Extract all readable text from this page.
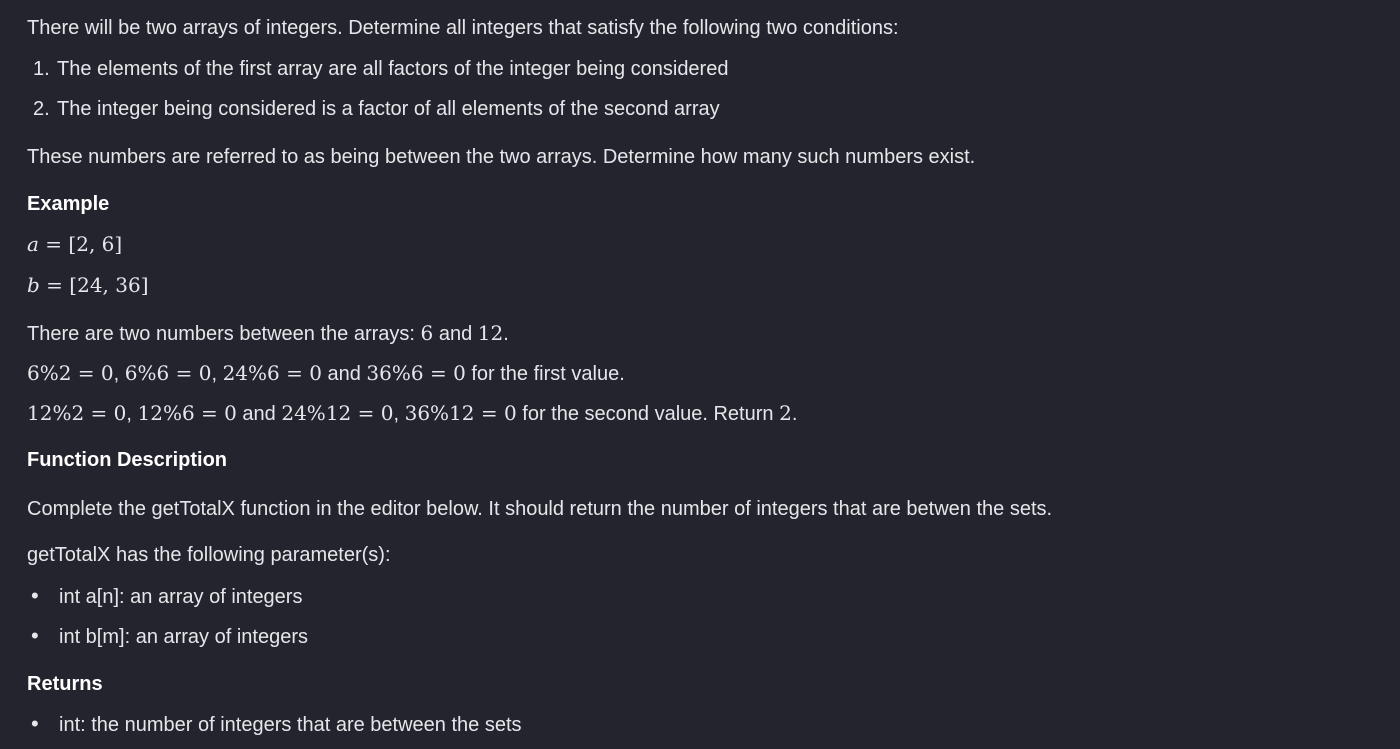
There will be two arrays of integers. Determine all integers that satisfy the following two conditions:
1. The elements of the first array are all factors of the integer being considered
2. The integer being considered is a factor of all elements of the second array
These numbers are referred to as being between the two arrays. Determine how many such numbers exist.
Example
a = [2, 6]
b = [24, 36]
There are two numbers between the arrays: 6 and 12.
6%2 = 0, 6%6 = 0, 24%6 = 0 and 36%6 = 0 for the first value.
12%2 = 0, 12%6 = 0 and 24%12 = 0, 36%12 = 0 for the second value. Return 2.
Function Description
Complete the getTotalX function in the editor below. It should return the number of integers that are betwen the sets.
getTotalX has the following parameter(s):
• int a[n]: an array of integers
• int b[m]: an array of integers
Returns
• int: the number of integers that are between the sets
